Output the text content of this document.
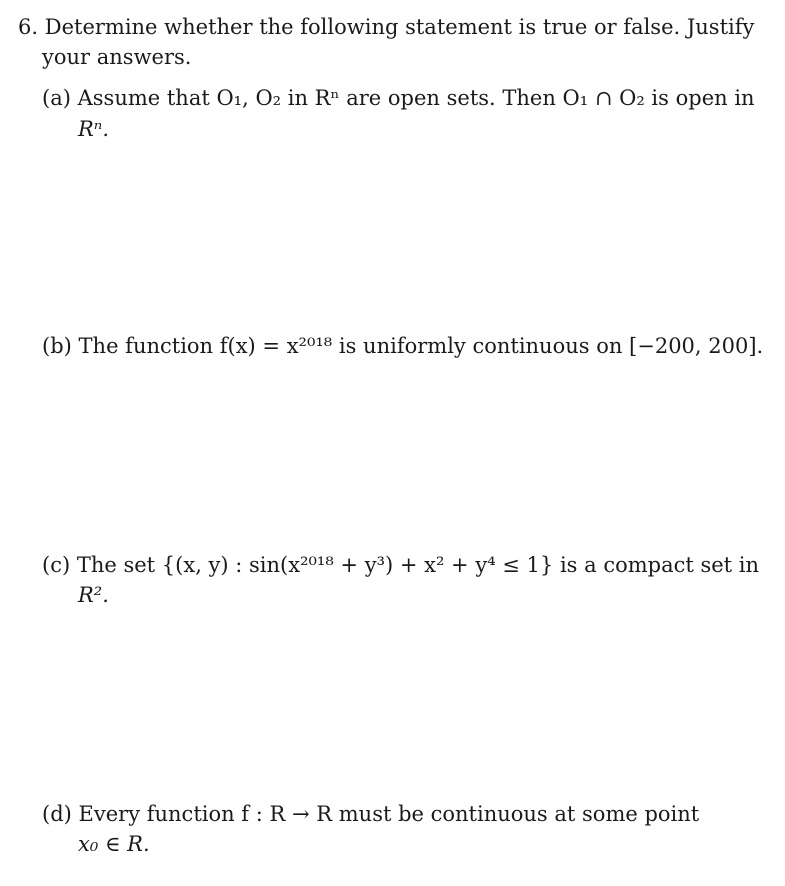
6. Determine whether the following statement is true or false. Justify
your answers.
(a) Assume that O₁, O₂ in Rⁿ are open sets. Then O₁ ∩ O₂ is open in
Rⁿ.
(b) The function f(x) = x²⁰¹⁸ is uniformly continuous on [−200, 200].
(c) The set {(x, y) : sin(x²⁰¹⁸ + y³) + x² + y⁴ ≤ 1} is a compact set in
R².
(d) Every function f : R → R must be continuous at some point
x₀ ∈ R.
